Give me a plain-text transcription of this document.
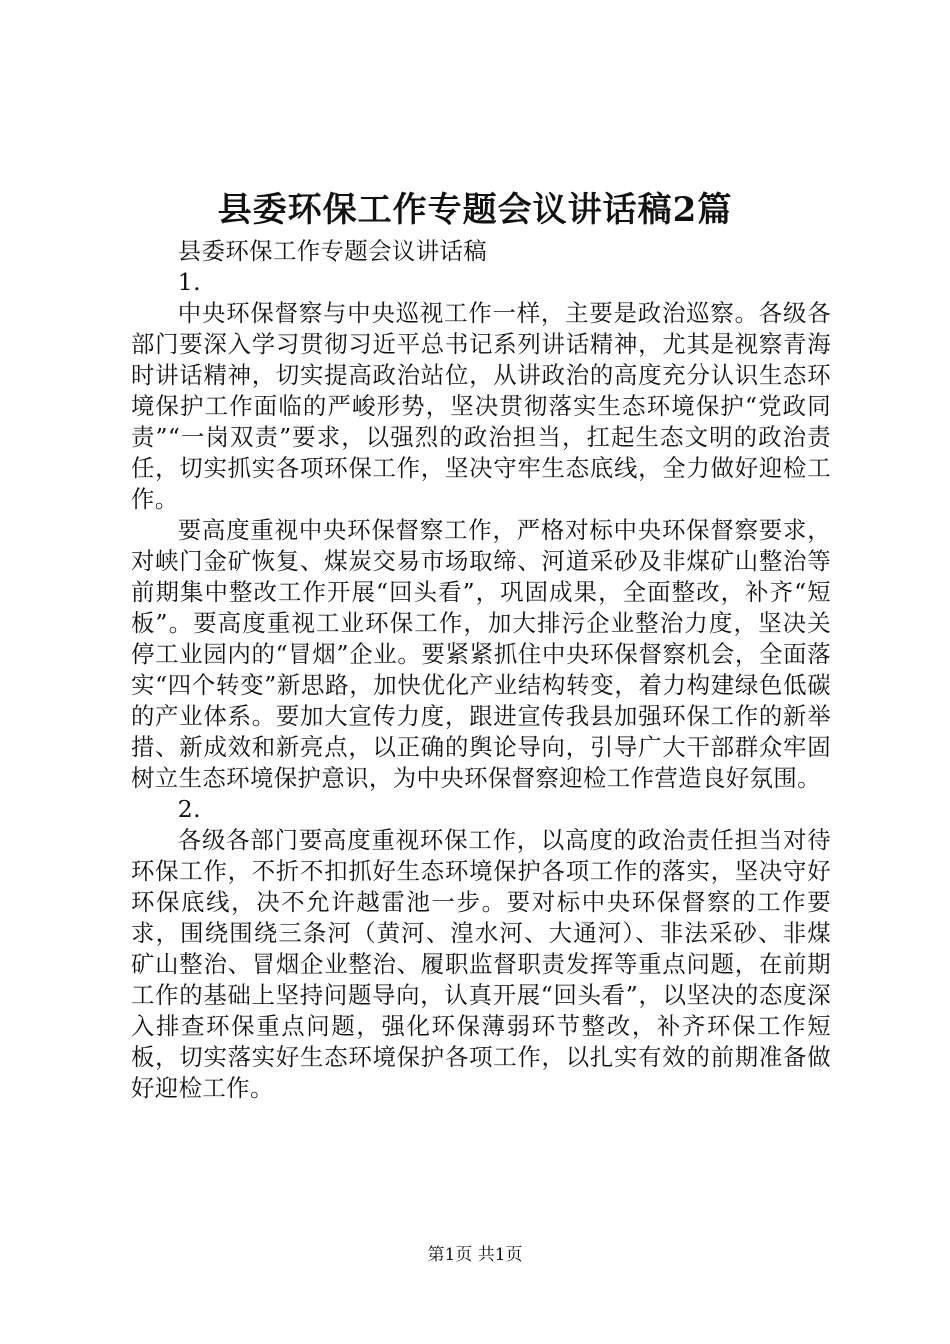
县委环保工作专题会议讲话稿2篇

县委环保工作专题会议讲话稿

1.

中央环保督察与中央巡视工作一样，主要是政治巡察。各级各部门要深入学习贯彻习近平总书记系列讲话精神，尤其是视察青海时讲话精神，切实提高政治站位，从讲政治的高度充分认识生态环境保护工作面临的严峻形势，坚决贯彻落实生态环境保护“党政同责”“一岗双责”要求，以强烈的政治担当，扛起生态文明的政治责任，切实抓实各项环保工作，坚决守牢生态底线，全力做好迎检工作。

要高度重视中央环保督察工作，严格对标中央环保督察要求，对峡门金矿恢复、煤炭交易市场取缔、河道采砂及非煤矿山整治等前期集中整改工作开展“回头看”，巩固成果，全面整改，补齐“短板”。要高度重视工业环保工作，加大排污企业整治力度，坚决关停工业园内的“冒烟”企业。要紧紧抓住中央环保督察机会，全面落实“四个转变”新思路，加快优化产业结构转变，着力构建绿色低碳的产业体系。要加大宣传力度，跟进宣传我县加强环保工作的新举措、新成效和新亮点，以正确的舆论导向，引导广大干部群众牢固树立生态环境保护意识，为中央环保督察迎检工作营造良好氛围。

2.

各级各部门要高度重视环保工作，以高度的政治责任担当对待环保工作，不折不扣抓好生态环境保护各项工作的落实，坚决守好环保底线，决不允许越雷池一步。要对标中央环保督察的工作要求，围绕围绕三条河（黄河、湟水河、大通河）、非法采砂、非煤矿山整治、冒烟企业整治、履职监督职责发挥等重点问题，在前期工作的基础上坚持问题导向，认真开展“回头看”，以坚决的态度深入排查环保重点问题，强化环保薄弱环节整改，补齐环保工作短板，切实落实好生态环境保护各项工作，以扎实有效的前期准备做好迎检工作。

第1页 共1页
